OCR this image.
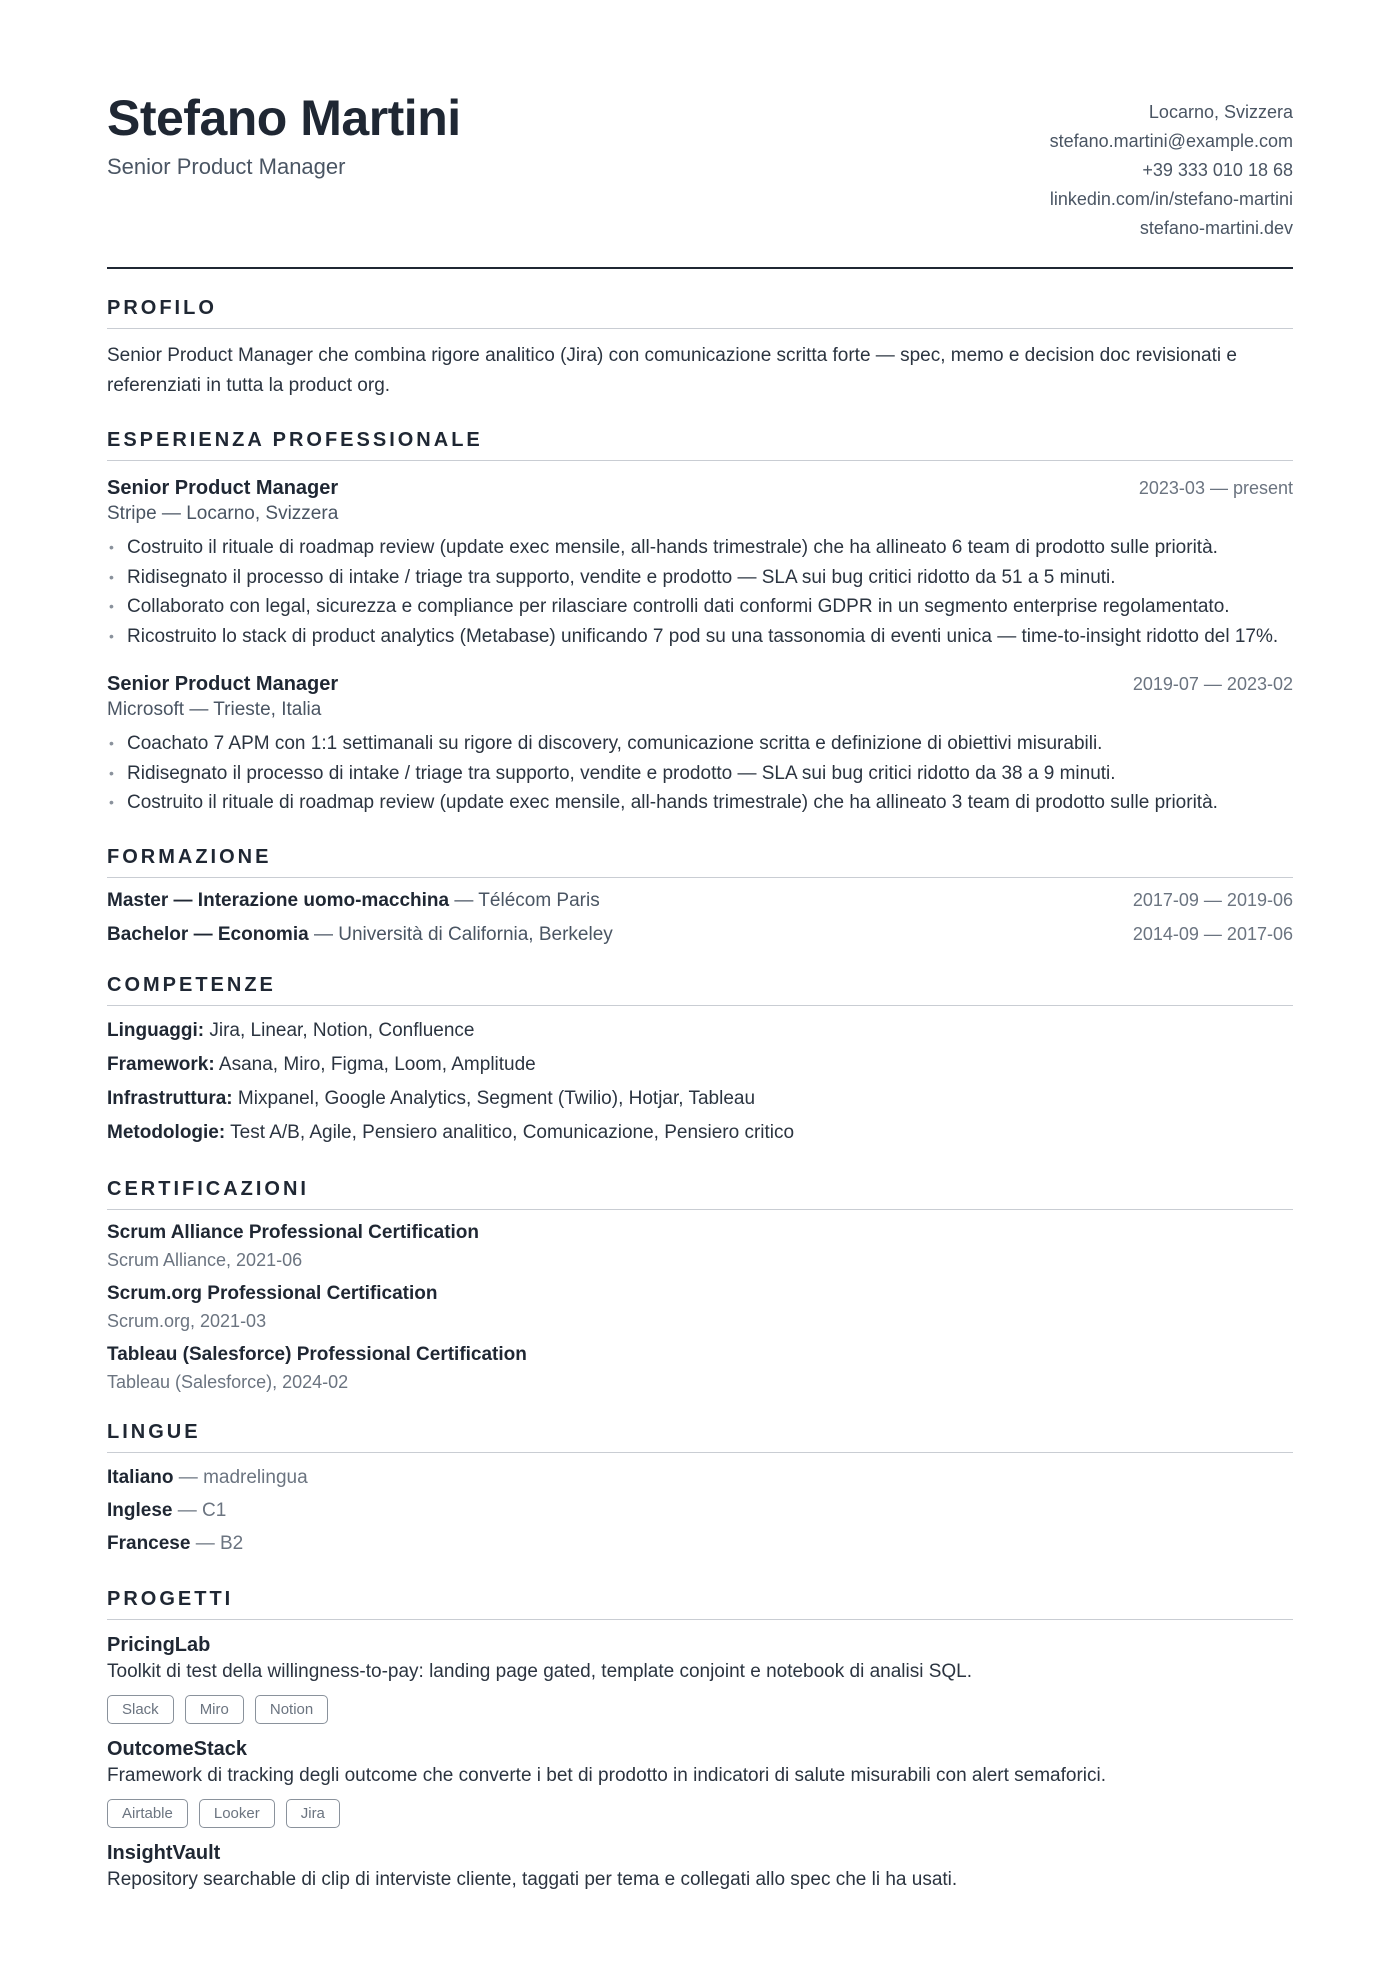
Stefano Martini
Senior Product Manager
Locarno, Svizzera
stefano.martini@example.com
+39 333 010 18 68
linkedin.com/in/stefano-martini
stefano-martini.dev
PROFILO
Senior Product Manager che combina rigore analitico (Jira) con comunicazione scritta forte — spec, memo e decision doc revisionati e referenziati in tutta la product org.
ESPERIENZA PROFESSIONALE
Senior Product Manager	2023-03 — present
Stripe — Locarno, Svizzera
• Costruito il rituale di roadmap review (update exec mensile, all-hands trimestrale) che ha allineato 6 team di prodotto sulle priorità.
• Ridisegnato il processo di intake / triage tra supporto, vendite e prodotto — SLA sui bug critici ridotto da 51 a 5 minuti.
• Collaborato con legal, sicurezza e compliance per rilasciare controlli dati conformi GDPR in un segmento enterprise regolamentato.
• Ricostruito lo stack di product analytics (Metabase) unificando 7 pod su una tassonomia di eventi unica — time-to-insight ridotto del 17%.
Senior Product Manager	2019-07 — 2023-02
Microsoft — Trieste, Italia
• Coachato 7 APM con 1:1 settimanali su rigore di discovery, comunicazione scritta e definizione di obiettivi misurabili.
• Ridisegnato il processo di intake / triage tra supporto, vendite e prodotto — SLA sui bug critici ridotto da 38 a 9 minuti.
• Costruito il rituale di roadmap review (update exec mensile, all-hands trimestrale) che ha allineato 3 team di prodotto sulle priorità.
FORMAZIONE
Master — Interazione uomo-macchina — Télécom Paris	2017-09 — 2019-06
Bachelor — Economia — Università di California, Berkeley	2014-09 — 2017-06
COMPETENZE
Linguaggi: Jira, Linear, Notion, Confluence
Framework: Asana, Miro, Figma, Loom, Amplitude
Infrastruttura: Mixpanel, Google Analytics, Segment (Twilio), Hotjar, Tableau
Metodologie: Test A/B, Agile, Pensiero analitico, Comunicazione, Pensiero critico
CERTIFICAZIONI
Scrum Alliance Professional Certification
Scrum Alliance, 2021-06
Scrum.org Professional Certification
Scrum.org, 2021-03
Tableau (Salesforce) Professional Certification
Tableau (Salesforce), 2024-02
LINGUE
Italiano — madrelingua
Inglese — C1
Francese — B2
PROGETTI
PricingLab
Toolkit di test della willingness-to-pay: landing page gated, template conjoint e notebook di analisi SQL.
Slack	Miro	Notion
OutcomeStack
Framework di tracking degli outcome che converte i bet di prodotto in indicatori di salute misurabili con alert semaforici.
Airtable	Looker	Jira
InsightVault
Repository searchable di clip di interviste cliente, taggati per tema e collegati allo spec che li ha usati.
